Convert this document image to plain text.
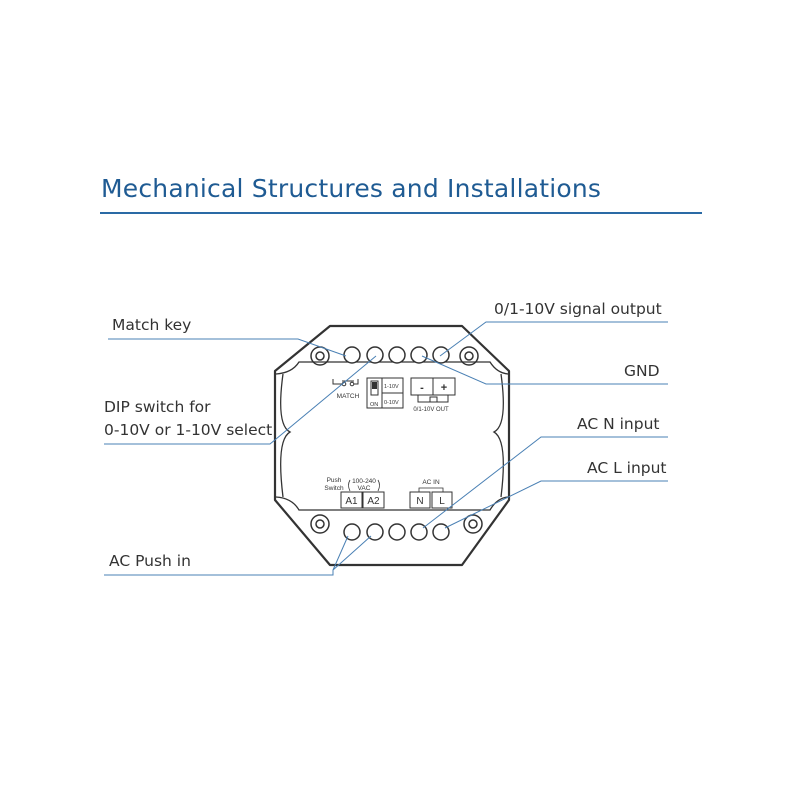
Mechanical Structures and Installations
Match key
DIP switch for
0-10V or 1-10V select
AC Push in
0/1-10V signal output
GND
AC N input
AC L input
MATCH
1-10V
0-10V
ON
- +
0/1-10V OUT
Push
Switch
100-240
VAC
A1 A2
AC IN
N L
